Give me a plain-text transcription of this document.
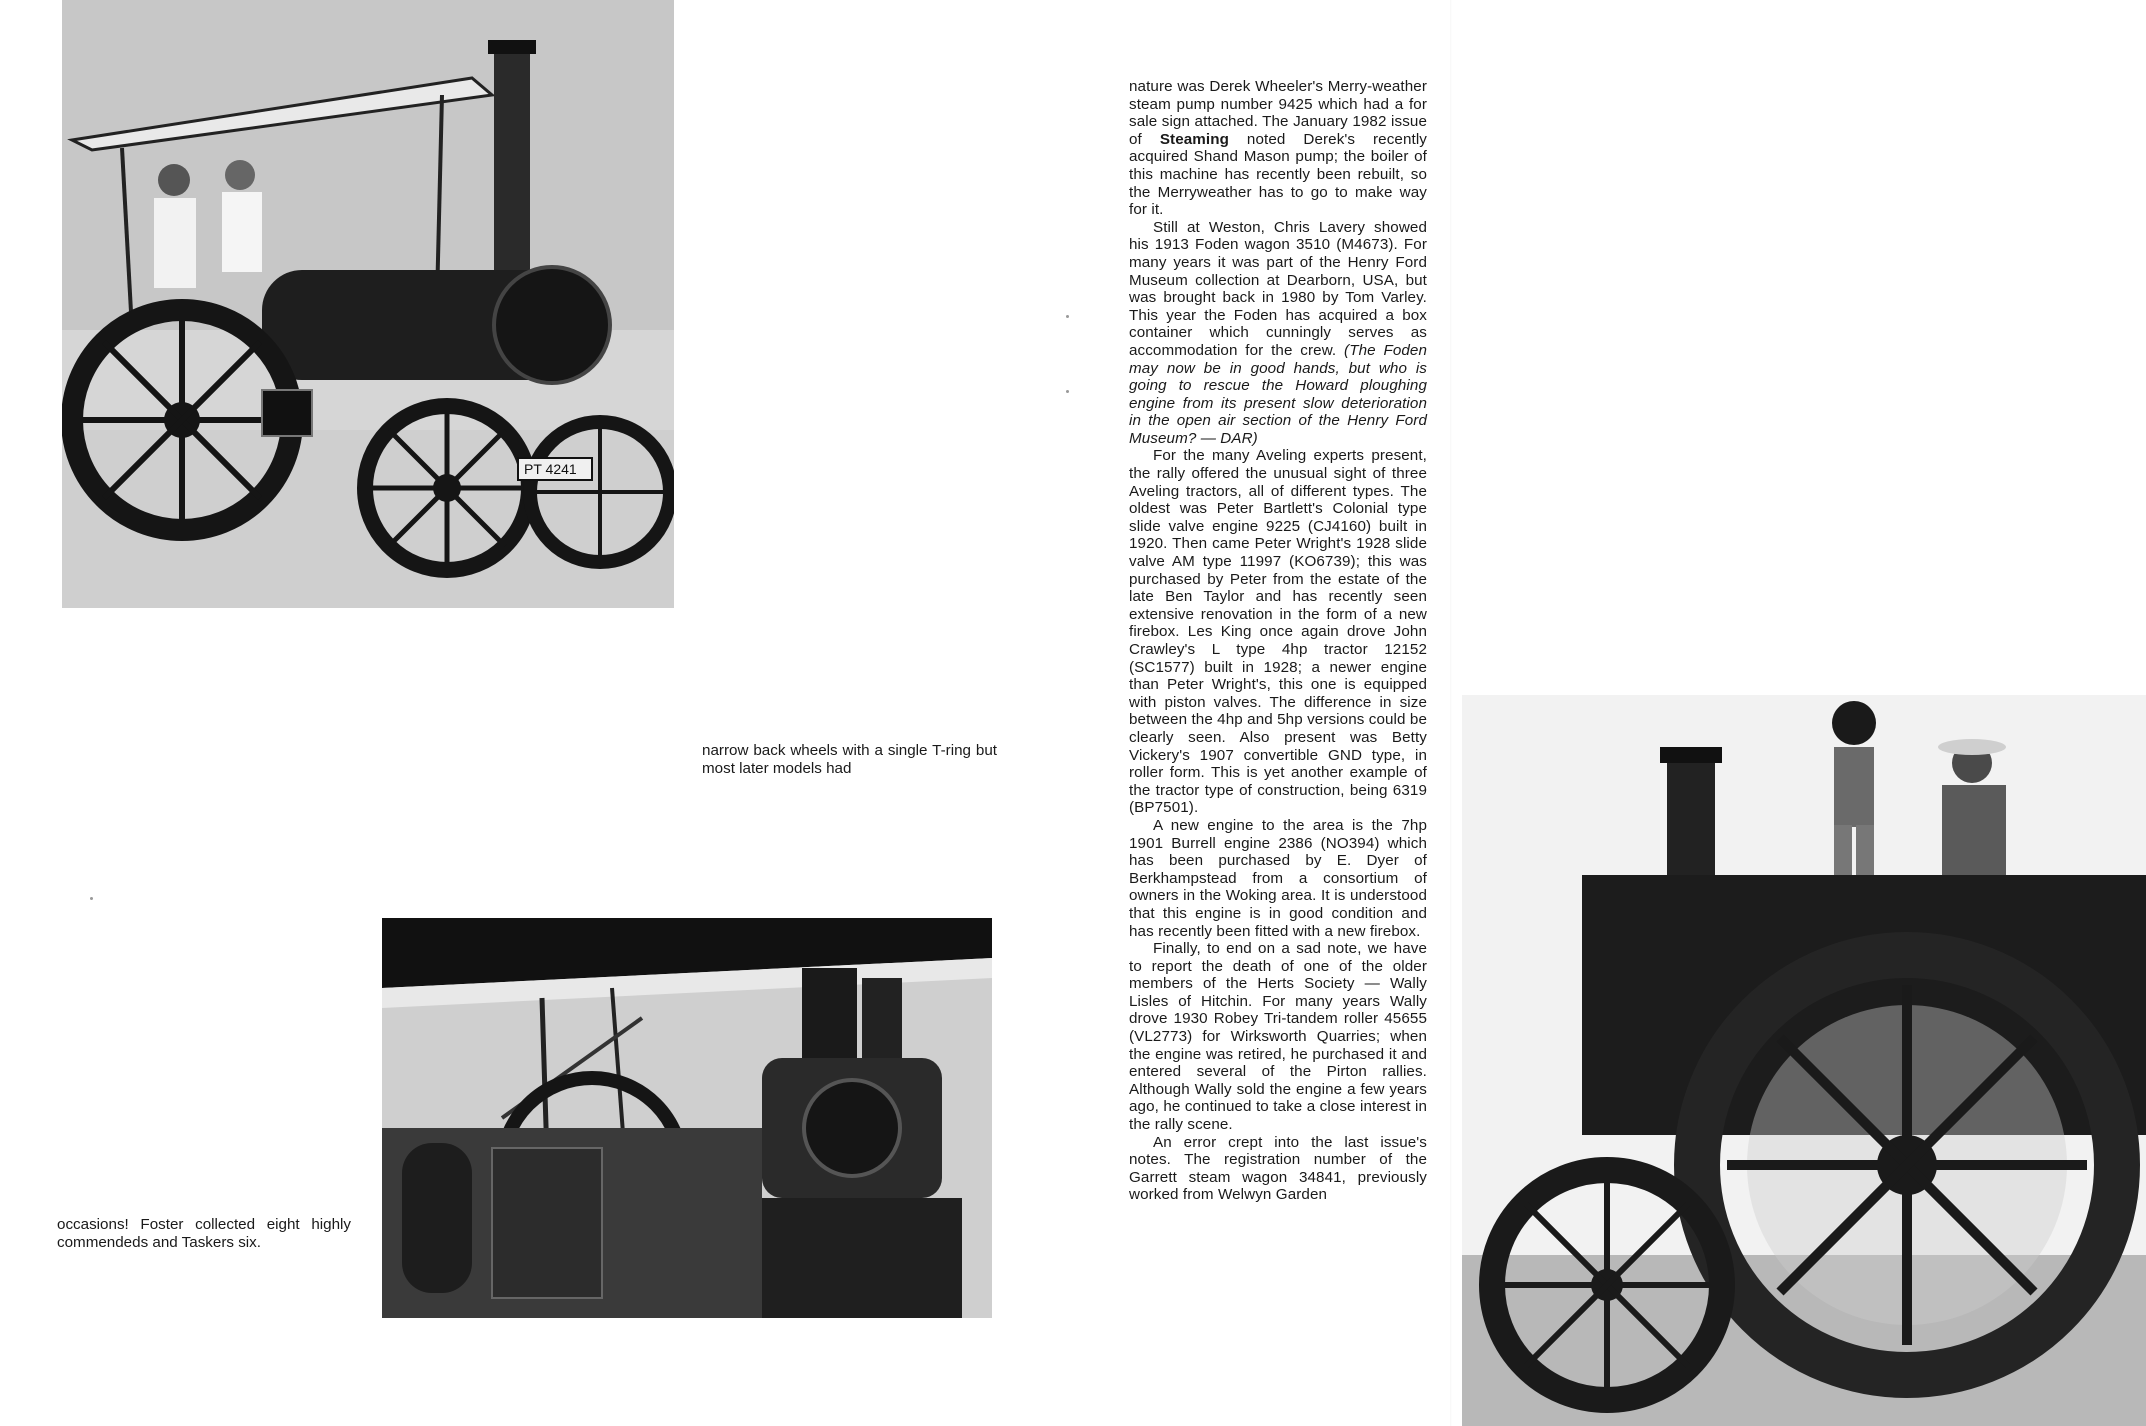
PT 4241
narrow back wheels with a single T-ring but most later models had
occasions! Foster collected eight highly commendeds and Taskers six.

nature was Derek Wheeler's Merry-weather steam pump number 9425 which had a for sale sign attached. The January 1982 issue of Steaming noted Derek's recently acquired Shand Mason pump; the boiler of this machine has recently been rebuilt, so the Merryweather has to go to make way for it.

Still at Weston, Chris Lavery showed his 1913 Foden wagon 3510 (M4673). For many years it was part of the Henry Ford Museum collection at Dearborn, USA, but was brought back in 1980 by Tom Varley. This year the Foden has acquired a box container which cunningly serves as accommodation for the crew. (The Foden may now be in good hands, but who is going to rescue the Howard ploughing engine from its present slow deterioration in the open air section of the Henry Ford Museum? — DAR)

For the many Aveling experts present, the rally offered the unusual sight of three Aveling tractors, all of different types. The oldest was Peter Bartlett's Colonial type slide valve engine 9225 (CJ4160) built in 1920. Then came Peter Wright's 1928 slide valve AM type 11997 (KO6739); this was purchased by Peter from the estate of the late Ben Taylor and has recently seen extensive renovation in the form of a new firebox. Les King once again drove John Crawley's L type 4hp tractor 12152 (SC1577) built in 1928; a newer engine than Peter Wright's, this one is equipped with piston valves. The difference in size between the 4hp and 5hp versions could be clearly seen. Also present was Betty Vickery's 1907 convertible GND type, in roller form. This is yet another example of the tractor type of construction, being 6319 (BP7501).

A new engine to the area is the 7hp 1901 Burrell engine 2386 (NO394) which has been purchased by E. Dyer of Berkhampstead from a consortium of owners in the Woking area. It is understood that this engine is in good condition and has recently been fitted with a new firebox.

Finally, to end on a sad note, we have to report the death of one of the older members of the Herts Society — Wally Lisles of Hitchin. For many years Wally drove 1930 Robey Tri-tandem roller 45655 (VL2773) for Wirksworth Quarries; when the engine was retired, he purchased it and entered several of the Pirton rallies. Although Wally sold the engine a few years ago, he continued to take a close interest in the rally scene.

An error crept into the last issue's notes. The registration number of the Garrett steam wagon 34841, previously worked from Welwyn Garden
